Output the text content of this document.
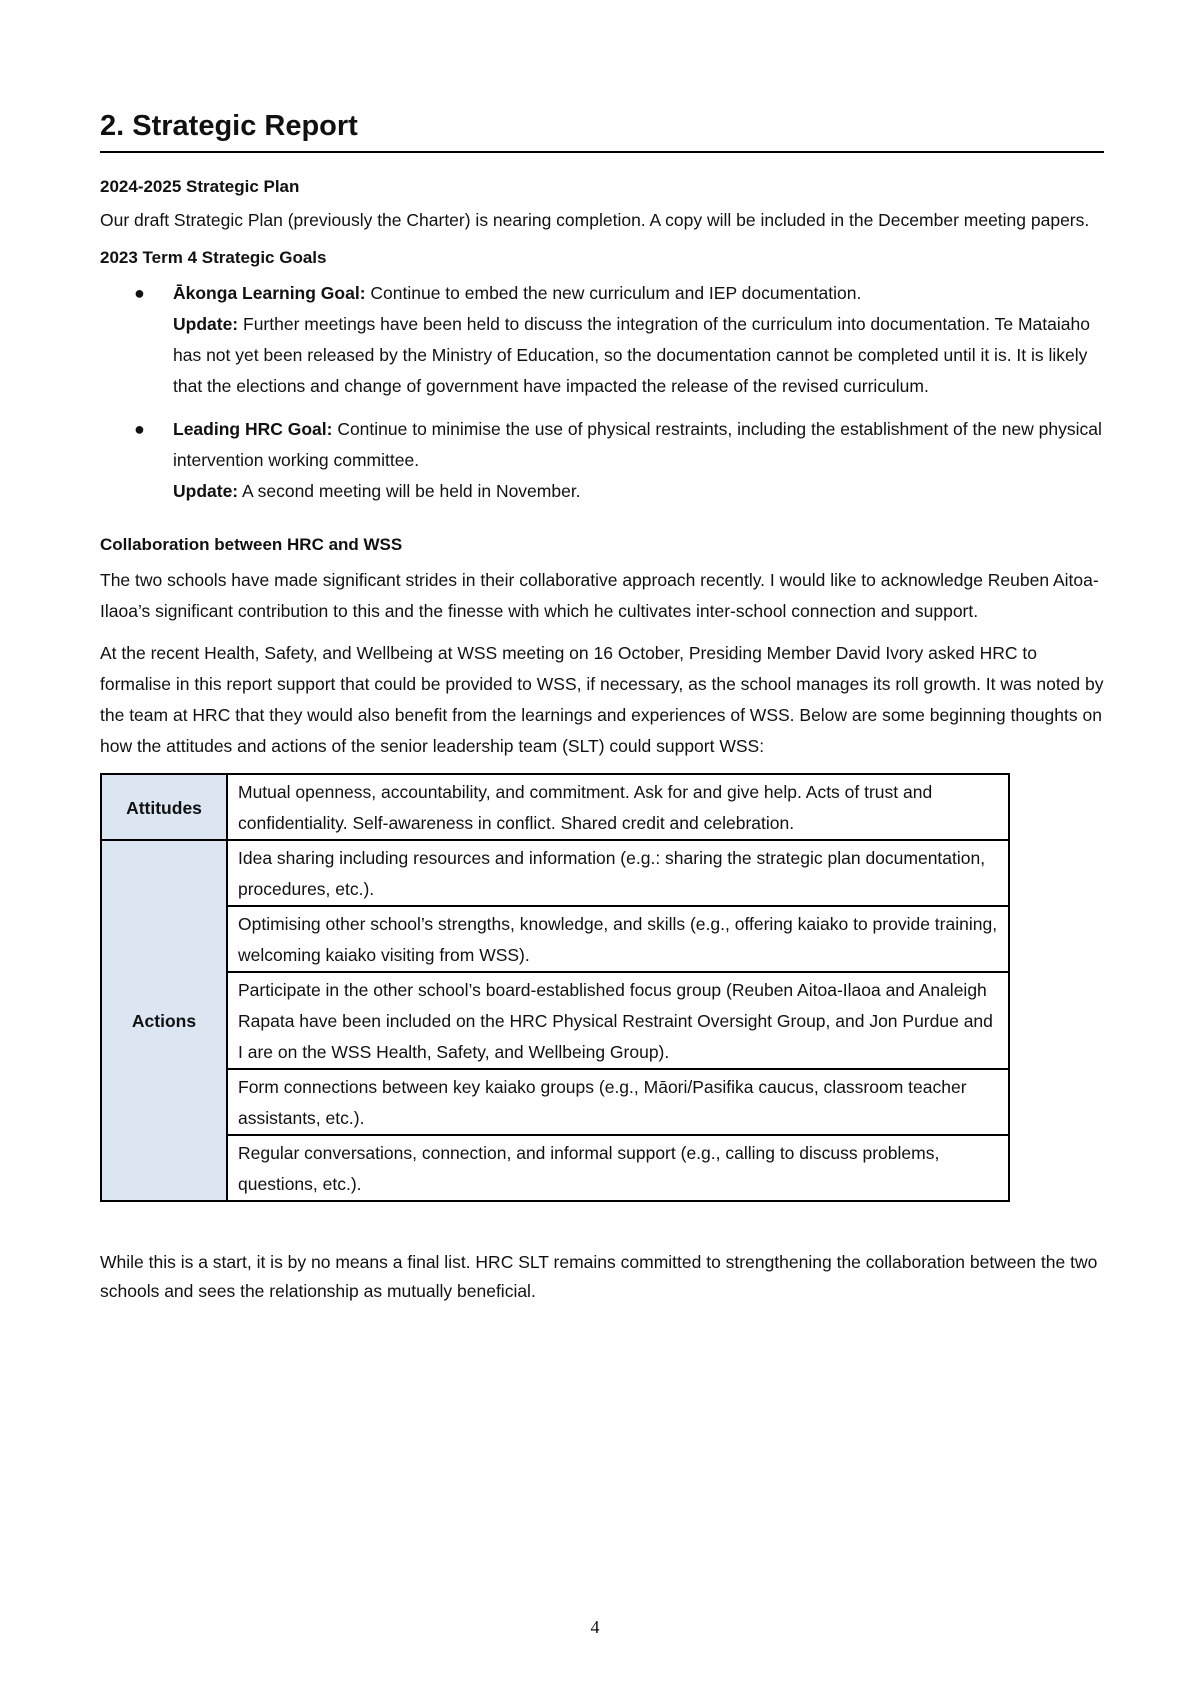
2. Strategic Report
2024-2025 Strategic Plan

Our draft Strategic Plan (previously the Charter) is nearing completion. A copy will be included in the December meeting papers.

2023 Term 4 Strategic Goals
● Ākonga Learning Goal: Continue to embed the new curriculum and IEP documentation.
Update: Further meetings have been held to discuss the integration of the curriculum into documentation. Te Mataiaho has not yet been released by the Ministry of Education, so the documentation cannot be completed until it is. It is likely that the elections and change of government have impacted the release of the revised curriculum.
● Leading HRC Goal: Continue to minimise the use of physical restraints, including the establishment of the new physical intervention working committee.
Update: A second meeting will be held in November.
Collaboration between HRC and WSS

The two schools have made significant strides in their collaborative approach recently. I would like to acknowledge Reuben Aitoa-Ilaoa’s significant contribution to this and the finesse with which he cultivates inter-school connection and support.

At the recent Health, Safety, and Wellbeing at WSS meeting on 16 October, Presiding Member David Ivory asked HRC to formalise in this report support that could be provided to WSS, if necessary, as the school manages its roll growth. It was noted by the team at HRC that they would also benefit from the learnings and experiences of WSS. Below are some beginning thoughts on how the attitudes and actions of the senior leadership team (SLT) could support WSS:

Attitudes	Mutual openness, accountability, and commitment. Ask for and give help. Acts of trust and confidentiality. Self-awareness in conflict. Shared credit and celebration.
Actions	Idea sharing including resources and information (e.g.: sharing the strategic plan documentation, procedures, etc.).
	Optimising other school’s strengths, knowledge, and skills (e.g., offering kaiako to provide training, welcoming kaiako visiting from WSS).
	Participate in the other school’s board-established focus group (Reuben Aitoa-Ilaoa and Analeigh Rapata have been included on the HRC Physical Restraint Oversight Group, and Jon Purdue and I are on the WSS Health, Safety, and Wellbeing Group).
	Form connections between key kaiako groups (e.g., Māori/Pasifika caucus, classroom teacher assistants, etc.).
	Regular conversations, connection, and informal support (e.g., calling to discuss problems, questions, etc.).

While this is a start, it is by no means a final list. HRC SLT remains committed to strengthening the collaboration between the two schools and sees the relationship as mutually beneficial.

4
